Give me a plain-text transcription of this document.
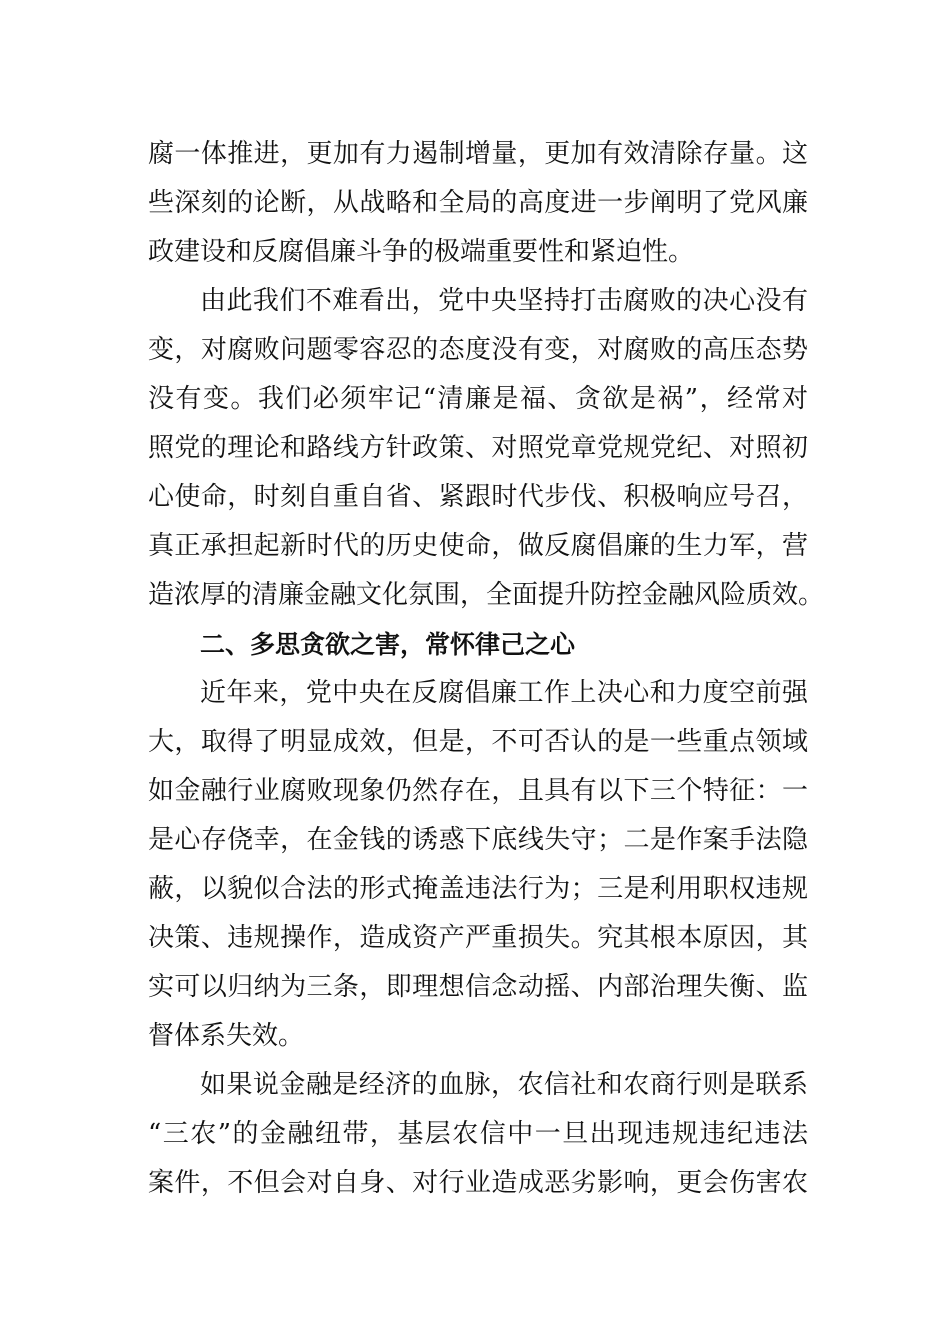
腐一体推进，更加有力遏制增量，更加有效清除存量。这
些深刻的论断，从战略和全局的高度进一步阐明了党风廉
政建设和反腐倡廉斗争的极端重要性和紧迫性。
由此我们不难看出，党中央坚持打击腐败的决心没有
变，对腐败问题零容忍的态度没有变，对腐败的高压态势
没有变。我们必须牢记“清廉是福、贪欲是祸”，经常对
照党的理论和路线方针政策、对照党章党规党纪、对照初
心使命，时刻自重自省、紧跟时代步伐、积极响应号召，
真正承担起新时代的历史使命，做反腐倡廉的生力军，营
造浓厚的清廉金融文化氛围，全面提升防控金融风险质效。
二、多思贪欲之害，常怀律己之心
近年来，党中央在反腐倡廉工作上决心和力度空前强
大，取得了明显成效，但是，不可否认的是一些重点领域
如金融行业腐败现象仍然存在，且具有以下三个特征：一
是心存侥幸，在金钱的诱惑下底线失守；二是作案手法隐
蔽，以貌似合法的形式掩盖违法行为；三是利用职权违规
决策、违规操作，造成资产严重损失。究其根本原因，其
实可以归纳为三条，即理想信念动摇、内部治理失衡、监
督体系失效。
如果说金融是经济的血脉，农信社和农商行则是联系
“三农”的金融纽带，基层农信中一旦出现违规违纪违法
案件，不但会对自身、对行业造成恶劣影响，更会伤害农
